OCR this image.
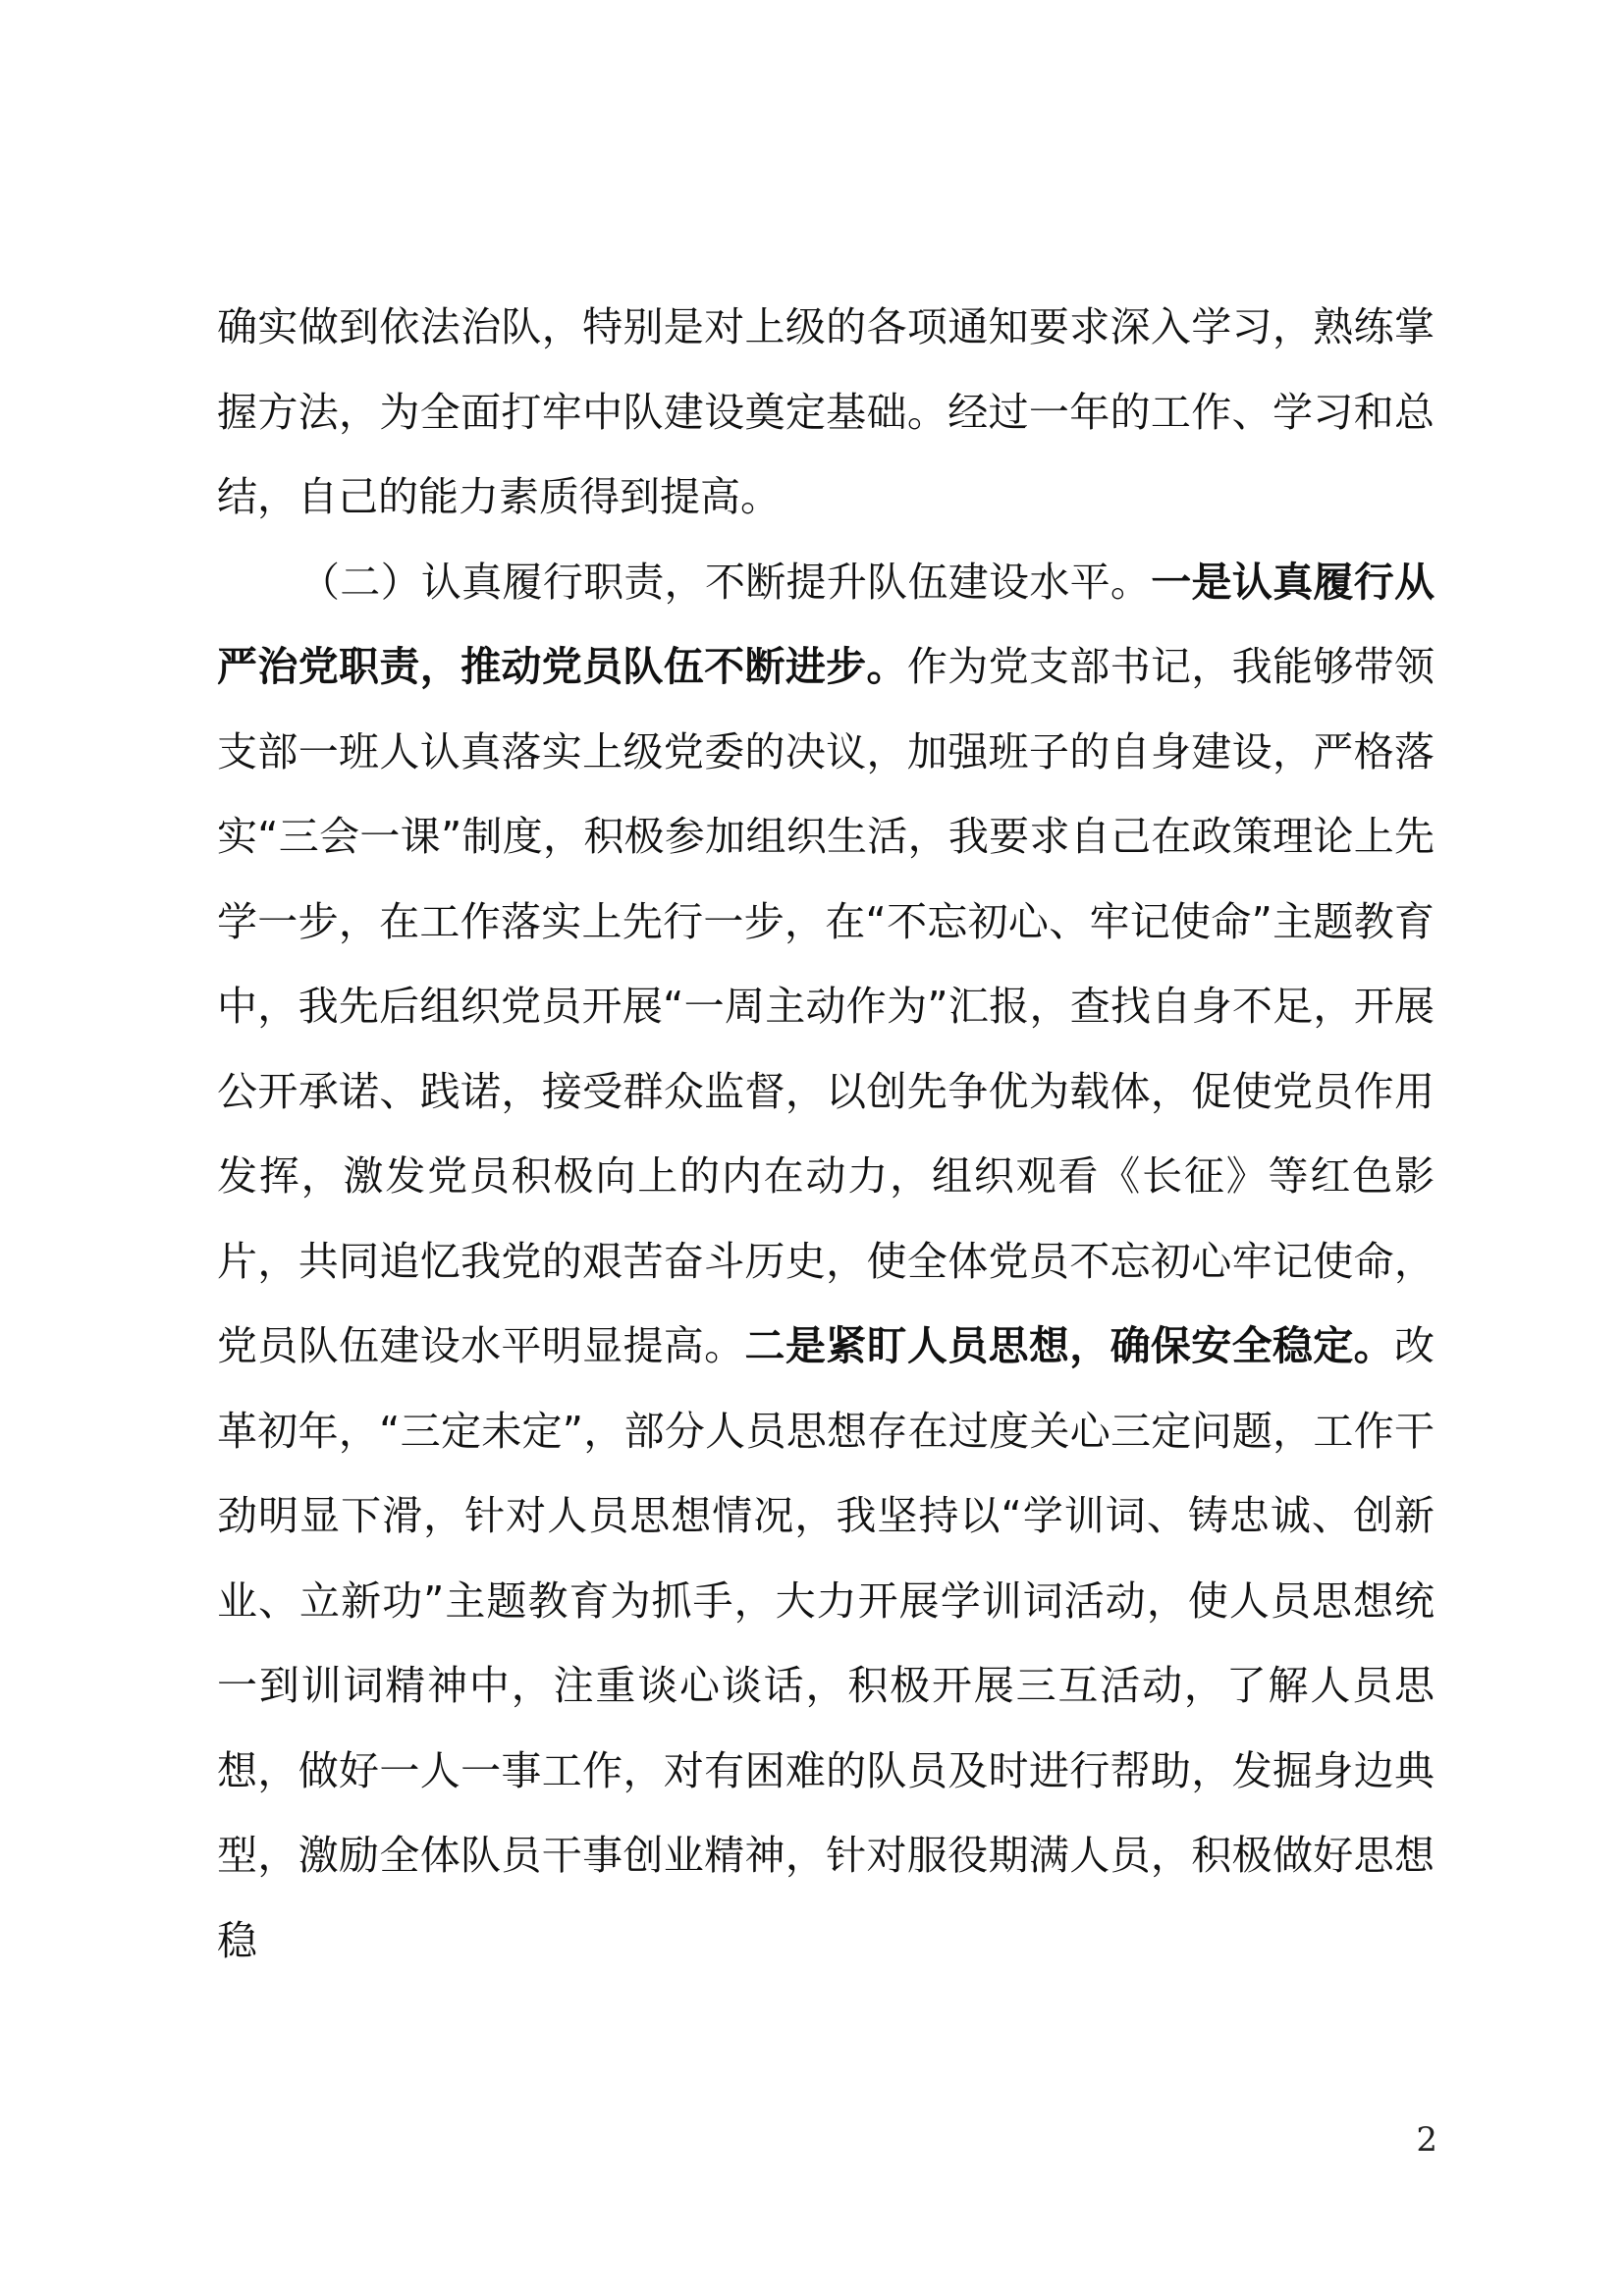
确实做到依法治队，特别是对上级的各项通知要求深入学习，熟练掌握方法，为全面打牢中队建设奠定基础。经过一年的工作、学习和总结，自己的能力素质得到提高。

（二）认真履行职责，不断提升队伍建设水平。一是认真履行从严治党职责，推动党员队伍不断进步。作为党支部书记，我能够带领支部一班人认真落实上级党委的决议，加强班子的自身建设，严格落实“三会一课”制度，积极参加组织生活，我要求自己在政策理论上先学一步，在工作落实上先行一步，在“不忘初心、牢记使命”主题教育中，我先后组织党员开展“一周主动作为”汇报，查找自身不足，开展公开承诺、践诺，接受群众监督，以创先争优为载体，促使党员作用发挥，激发党员积极向上的内在动力，组织观看《长征》等红色影片，共同追忆我党的艰苦奋斗历史，使全体党员不忘初心牢记使命，党员队伍建设水平明显提高。二是紧盯人员思想，确保安全稳定。改革初年，“三定未定”，部分人员思想存在过度关心三定问题，工作干劲明显下滑，针对人员思想情况，我坚持以“学训词、铸忠诚、创新业、立新功”主题教育为抓手，大力开展学训词活动，使人员思想统一到训词精神中，注重谈心谈话，积极开展三互活动，了解人员思想，做好一人一事工作，对有困难的队员及时进行帮助，发掘身边典型，激励全体队员干事创业精神，针对服役期满人员，积极做好思想稳

2
